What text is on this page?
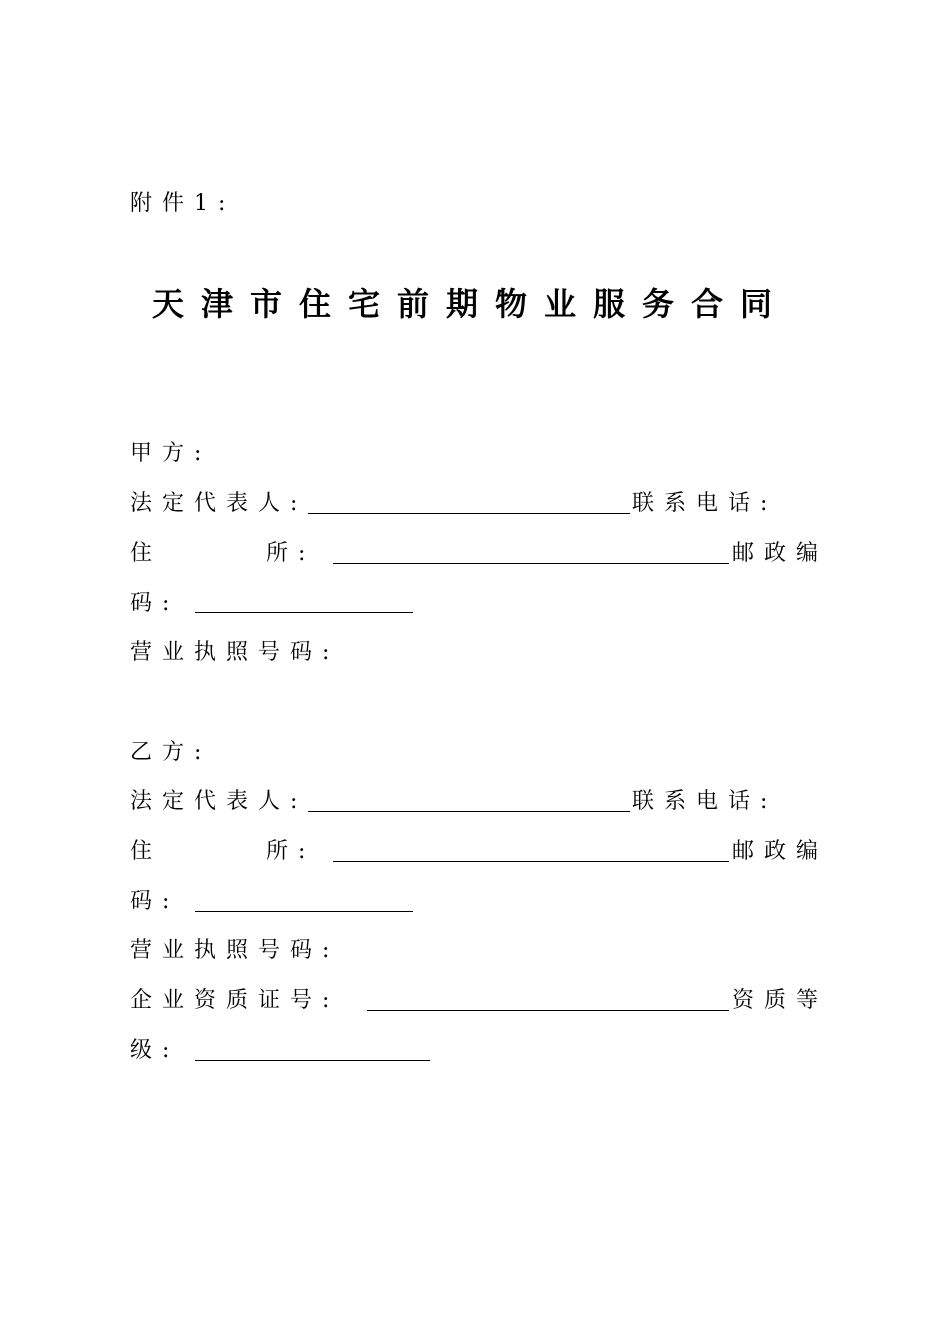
附件1:
天津市住宅前期物业服务合同
甲方:
法定代表人:	联系电话:
住	所:	邮政编
码:
营业执照号码:
乙方:
法定代表人:	联系电话:
住	所:	邮政编
码:
营业执照号码:
企业资质证号:	资质等
级:
